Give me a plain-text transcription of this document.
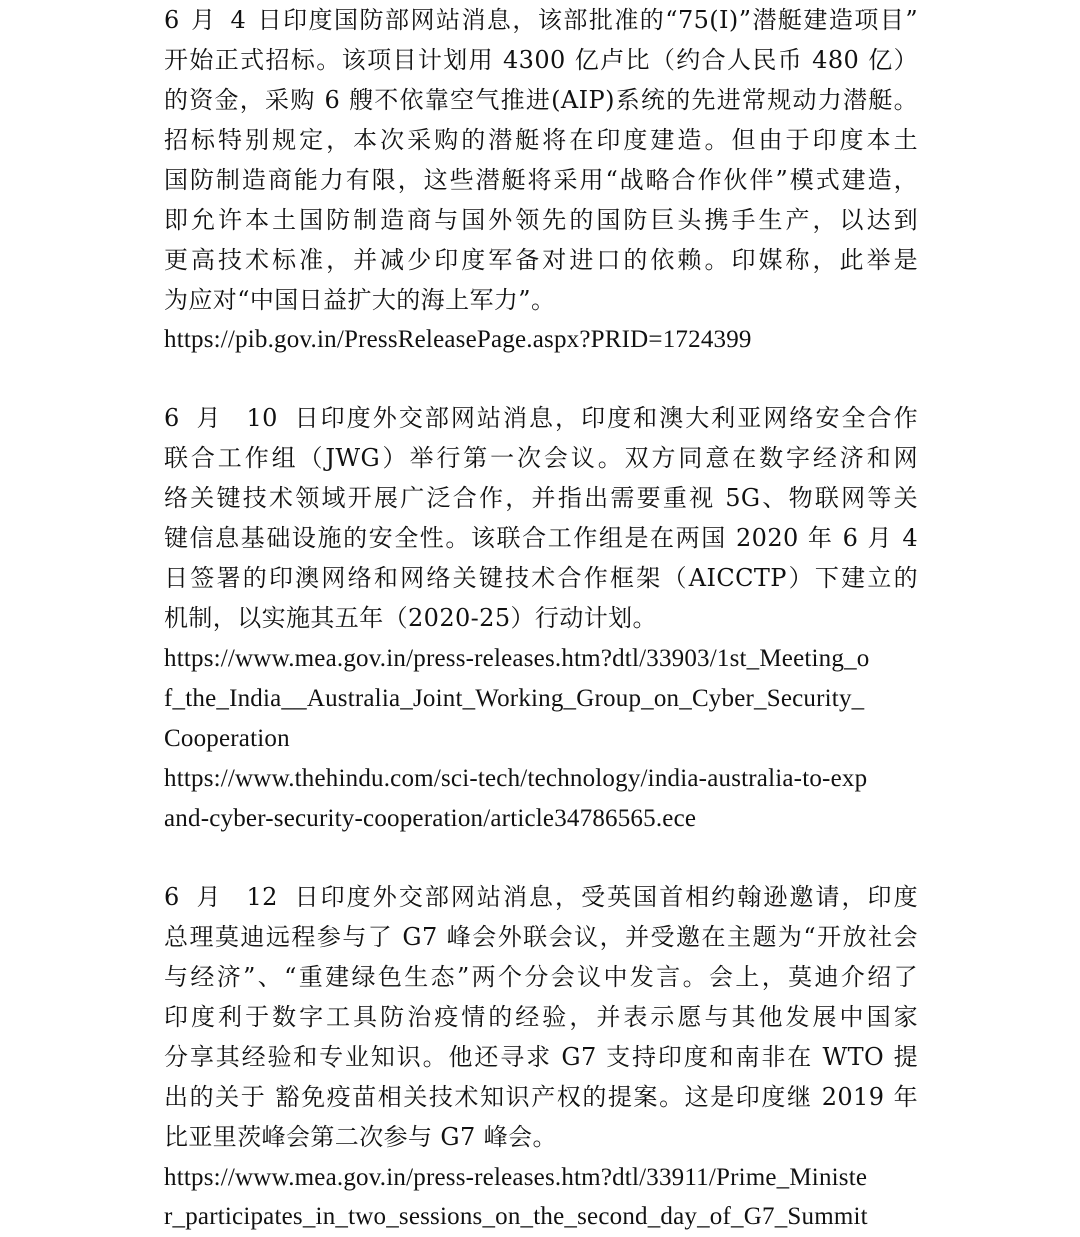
6 月 4 日印度国防部网站消息，该部批准的“75(I)”潜艇建造项目”
开始正式招标。该项目计划用 4300 亿卢比（约合人民币 480 亿）
的资金，采购 6 艘不依靠空气推进(AIP)系统的先进常规动力潜艇。
招标特别规定，本次采购的潜艇将在印度建造。但由于印度本土
国防制造商能力有限，这些潜艇将采用“战略合作伙伴”模式建造，
即允许本土国防制造商与国外领先的国防巨头携手生产，以达到
更高技术标准，并减少印度军备对进口的依赖。印媒称，此举是
为应对“中国日益扩大的海上军力”。
https://pib.gov.in/PressReleasePage.aspx?PRID=1724399
6 月 10 日印度外交部网站消息，印度和澳大利亚网络安全合作
联合工作组（JWG）举行第一次会议。双方同意在数字经济和网
络关键技术领域开展广泛合作，并指出需要重视 5G、物联网等关
键信息基础设施的安全性。该联合工作组是在两国 2020 年 6 月 4
日签署的印澳网络和网络关键技术合作框架（AICCTP）下建立的
机制，以实施其五年（2020-25）行动计划。
https://www.mea.gov.in/press-releases.htm?dtl/33903/1st_Meeting_o
f_the_India__Australia_Joint_Working_Group_on_Cyber_Security_
Cooperation
https://www.thehindu.com/sci-tech/technology/india-australia-to-exp
and-cyber-security-cooperation/article34786565.ece
6 月 12 日印度外交部网站消息，受英国首相约翰逊邀请，印度
总理莫迪远程参与了 G7 峰会外联会议，并受邀在主题为“开放社会
与经济”、“重建绿色生态”两个分会议中发言。会上，莫迪介绍了
印度利于数字工具防治疫情的经验，并表示愿与其他发展中国家
分享其经验和专业知识。他还寻求 G7 支持印度和南非在 WTO 提
出的关于 豁免疫苗相关技术知识产权的提案。这是印度继 2019 年
比亚里茨峰会第二次参与 G7 峰会。
https://www.mea.gov.in/press-releases.htm?dtl/33911/Prime_Ministe
r_participates_in_two_sessions_on_the_second_day_of_G7_Summit
